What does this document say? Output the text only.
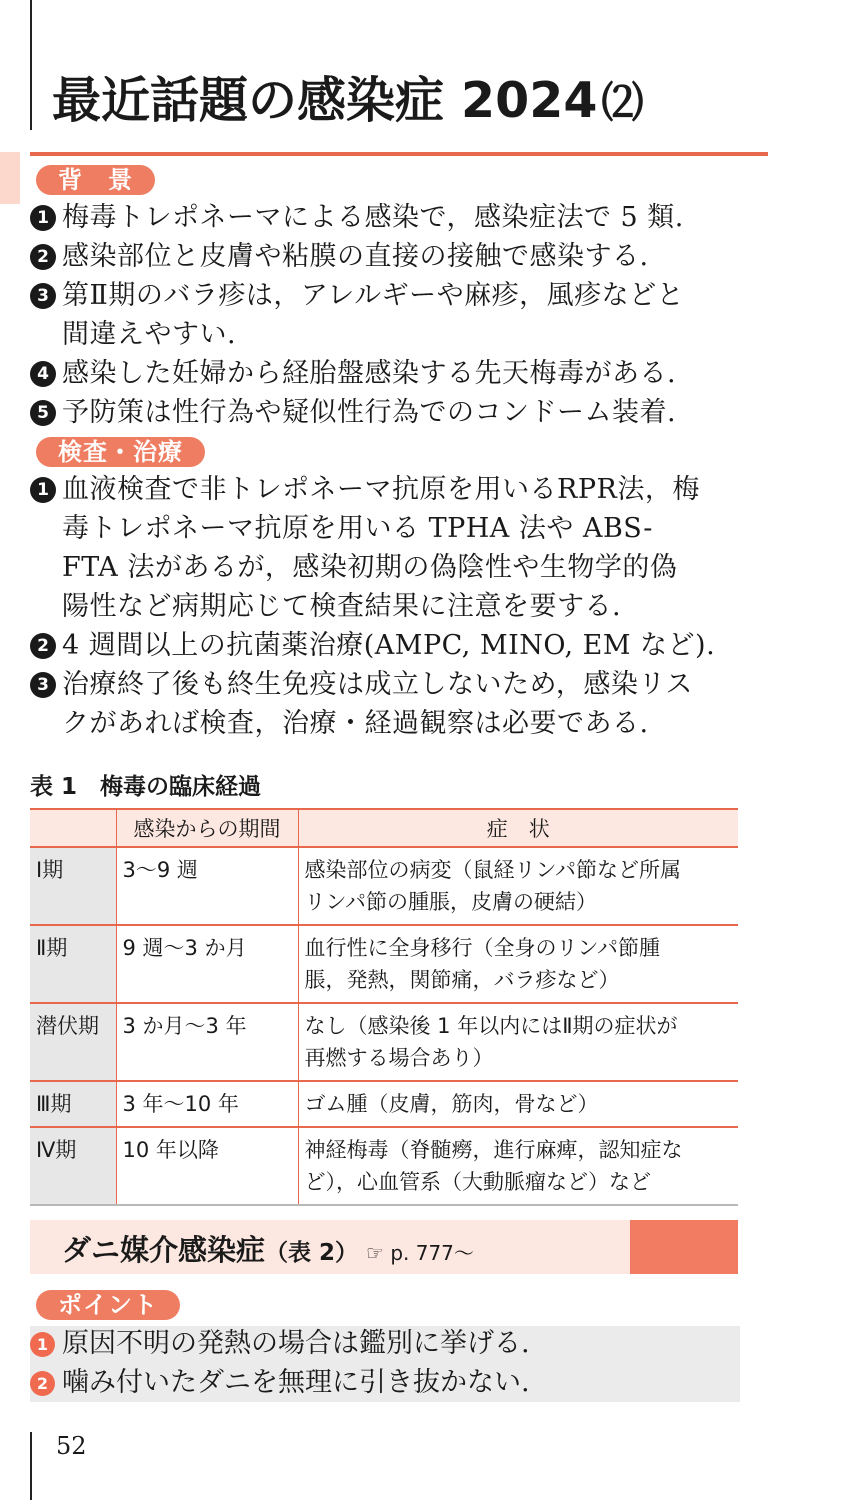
最近話題の感染症 2024⑵
背　景
1 梅毒トレポネーマによる感染で，感染症法で 5 類.
2 感染部位と皮膚や粘膜の直接の接触で感染する.
3 第Ⅱ期のバラ疹は，アレルギーや麻疹，風疹などと
間違えやすい.
4 感染した妊婦から経胎盤感染する先天梅毒がある.
5 予防策は性行為や疑似性行為でのコンドーム装着.
検査・治療
1 血液検査で非トレポネーマ抗原を用いるRPR法，梅
毒トレポネーマ抗原を用いる TPHA 法や ABS-
FTA 法があるが，感染初期の偽陰性や生物学的偽
陽性など病期応じて検査結果に注意を要する.
2 4 週間以上の抗菌薬治療(AMPC, MINO, EM など).
3 治療終了後も終生免疫は成立しないため，感染リス
クがあれば検査，治療・経過観察は必要である.
表 1　梅毒の臨床経過
	感染からの期間	症　状
Ⅰ期	3〜9 週	感染部位の病変（鼠経リンパ節など所属
リンパ節の腫脹，皮膚の硬結）

Ⅱ期	9 週〜3 か月	血行性に全身移行（全身のリンパ節腫
脹，発熱，関節痛，バラ疹など）

潜伏期	3 か月〜3 年	なし（感染後 1 年以内にはⅡ期の症状が
再燃する場合あり）

Ⅲ期	3 年〜10 年	ゴム腫（皮膚，筋肉，骨など）

Ⅳ期	10 年以降	神経梅毒（脊髄癆，進行麻痺，認知症な
ど），心血管系（大動脈瘤など）など
ダニ媒介感染症（表 2） ☞ p. 777〜
ポイント
1 原因不明の発熱の場合は鑑別に挙げる.
2 噛み付いたダニを無理に引き抜かない.
52
